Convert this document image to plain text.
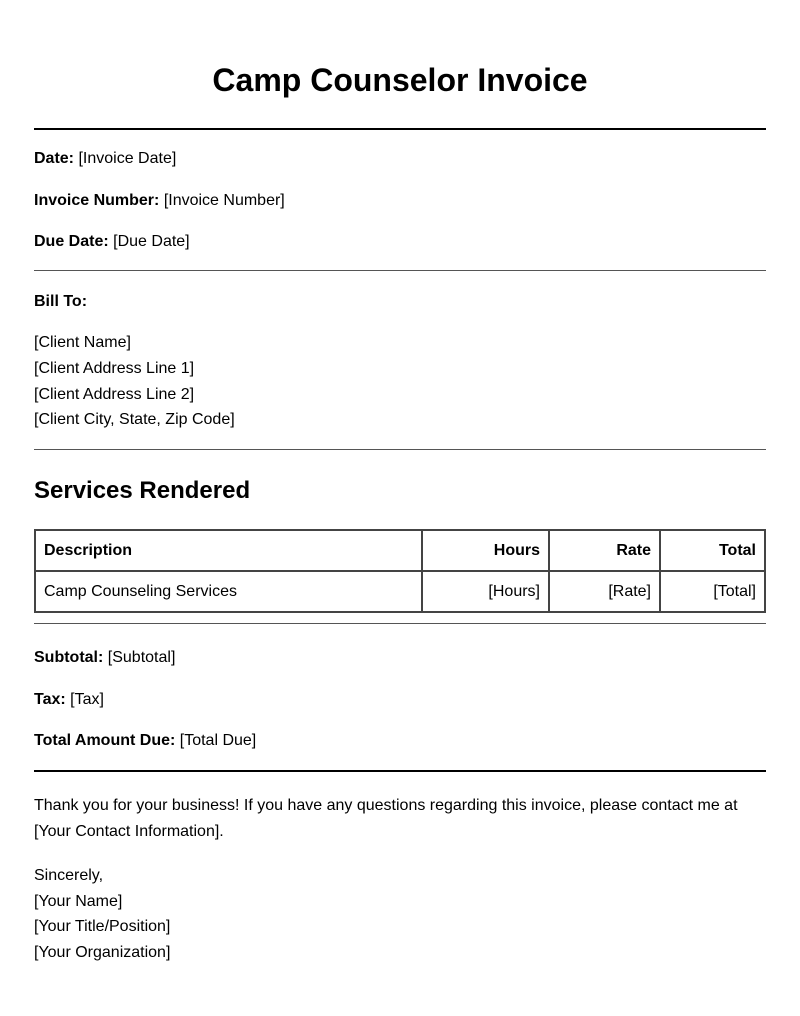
Camp Counselor Invoice
Date: [Invoice Date]
Invoice Number: [Invoice Number]
Due Date: [Due Date]
Bill To:
[Client Name]
[Client Address Line 1]
[Client Address Line 2]
[Client City, State, Zip Code]
Services Rendered
Description	Hours	Rate	Total
Camp Counseling Services	[Hours]	[Rate]	[Total]
Subtotal: [Subtotal]
Tax: [Tax]
Total Amount Due: [Total Due]
Thank you for your business! If you have any questions regarding this invoice, please contact me at [Your Contact Information].
Sincerely,
[Your Name]
[Your Title/Position]
[Your Organization]
